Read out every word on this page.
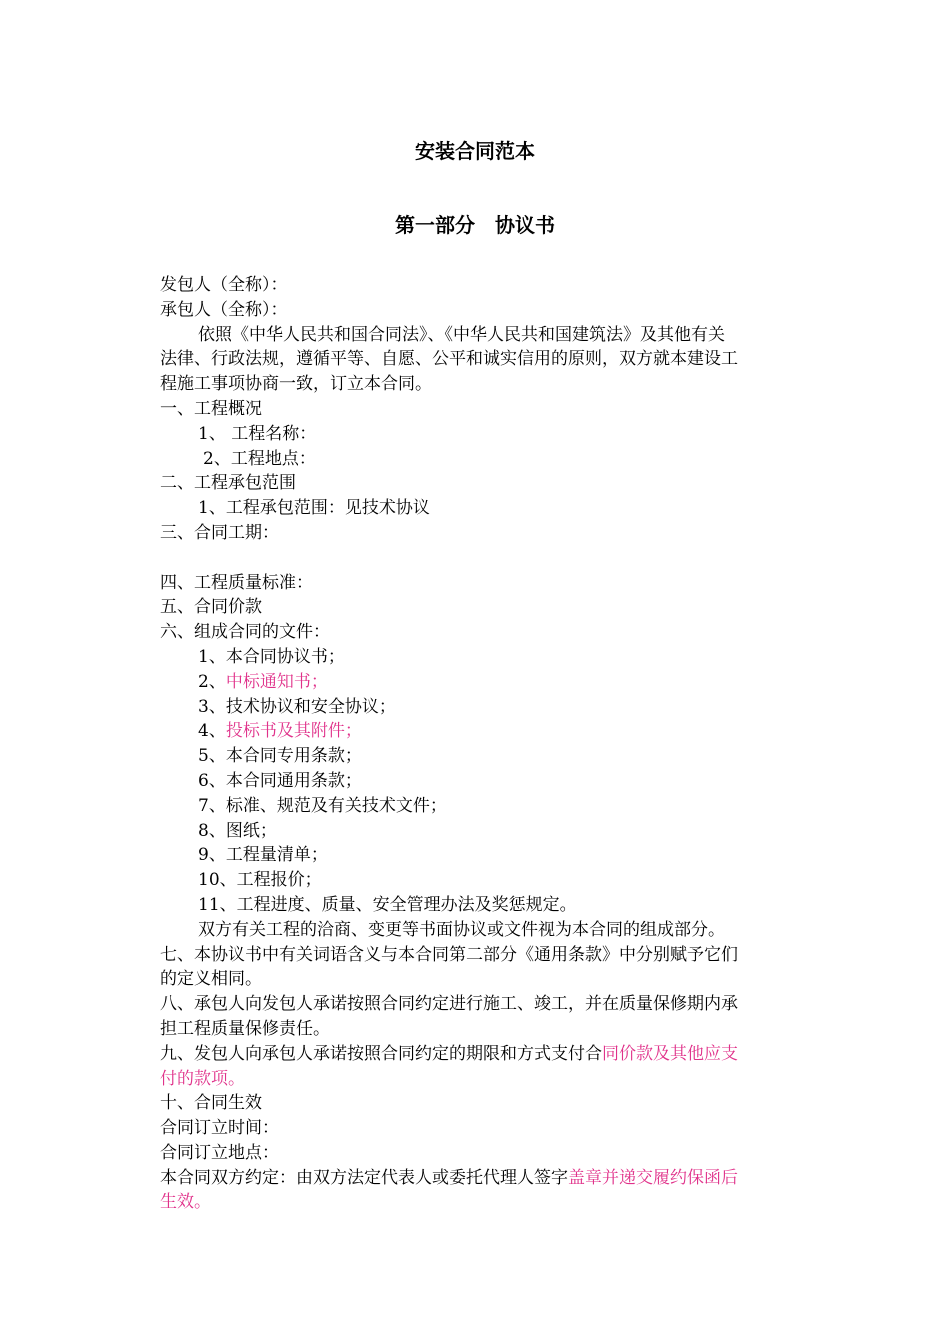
安装合同范本
第一部分　协议书

发包人（全称）：

承包人（全称）：

依照《中华人民共和国合同法》、《中华人民共和国建筑法》及其他有关

法律、行政法规，遵循平等、自愿、公平和诚实信用的原则，双方就本建设工

程施工事项协商一致，订立本合同。

一、工程概况

1、 工程名称：

2、工程地点：

二、工程承包范围

1、工程承包范围：见技术协议

三、合同工期：

四、工程质量标准：

五、合同价款

六、组成合同的文件：

1、本合同协议书；

2、中标通知书；

3、技术协议和安全协议；

4、投标书及其附件；

5、本合同专用条款；

6、本合同通用条款；

7、标准、规范及有关技术文件；

8、图纸；

9、工程量清单；

10、工程报价；

11、工程进度、质量、安全管理办法及奖惩规定。

双方有关工程的洽商、变更等书面协议或文件视为本合同的组成部分。

七、本协议书中有关词语含义与本合同第二部分《通用条款》中分别赋予它们

的定义相同。

八、承包人向发包人承诺按照合同约定进行施工、竣工，并在质量保修期内承

担工程质量保修责任。

九、发包人向承包人承诺按照合同约定的期限和方式支付合同价款及其他应支

付的款项。

十、合同生效

合同订立时间：

合同订立地点：

本合同双方约定：由双方法定代表人或委托代理人签字盖章并递交履约保函后

生效。
